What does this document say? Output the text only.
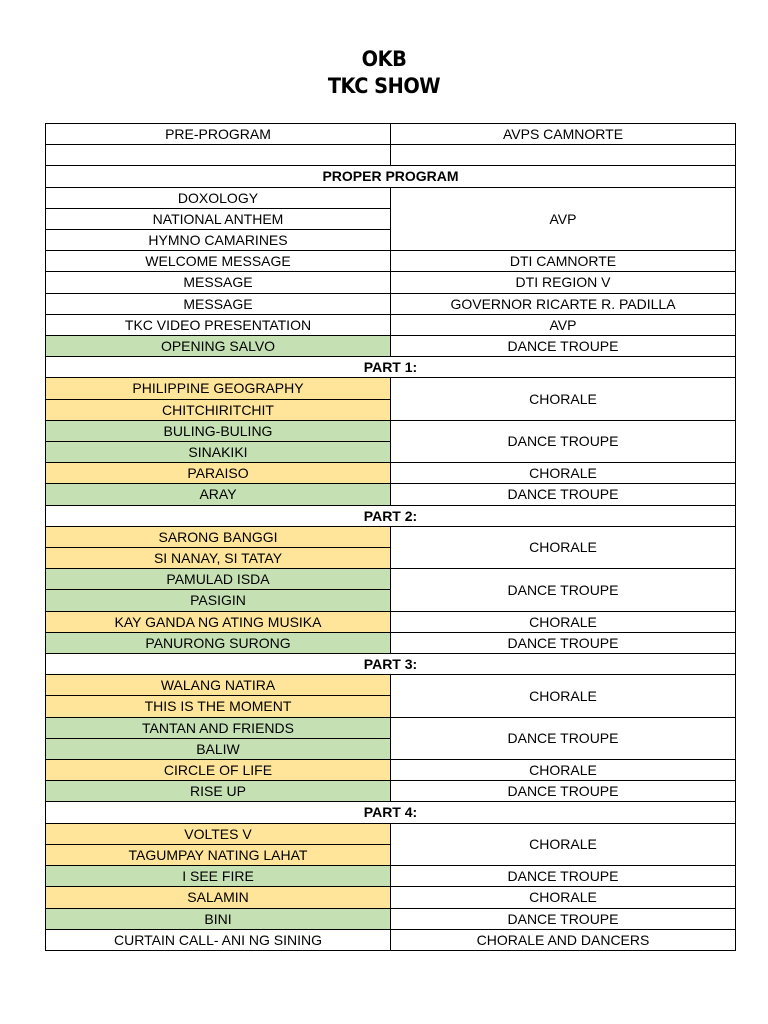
OKB
TKC SHOW
PRE-PROGRAM	AVPS CAMNORTE

PROPER PROGRAM	
DOXOLOGY	AVP
NATIONAL ANTHEM	
HYMNO CAMARINES	
WELCOME MESSAGE	DTI CAMNORTE
MESSAGE	DTI REGION V
MESSAGE	GOVERNOR RICARTE R. PADILLA
TKC VIDEO PRESENTATION	AVP
OPENING SALVO	DANCE TROUPE
PART 1:	
PHILIPPINE GEOGRAPHY	CHORALE
CHITCHIRITCHIT	
BULING-BULING	DANCE TROUPE
SINAKIKI	
PARAISO	CHORALE
ARAY	DANCE TROUPE
PART 2:	
SARONG BANGGI	CHORALE
SI NANAY, SI TATAY	
PAMULAD ISDA	DANCE TROUPE
PASIGIN	
KAY GANDA NG ATING MUSIKA	CHORALE
PANURONG SURONG	DANCE TROUPE
PART 3:	
WALANG NATIRA	CHORALE
THIS IS THE MOMENT	
TANTAN AND FRIENDS	DANCE TROUPE
BALIW	
CIRCLE OF LIFE	CHORALE
RISE UP	DANCE TROUPE
PART 4:	
VOLTES V	CHORALE
TAGUMPAY NATING LAHAT	
I SEE FIRE	DANCE TROUPE
SALAMIN	CHORALE
BINI	DANCE TROUPE
CURTAIN CALL- ANI NG SINING	CHORALE AND DANCERS
